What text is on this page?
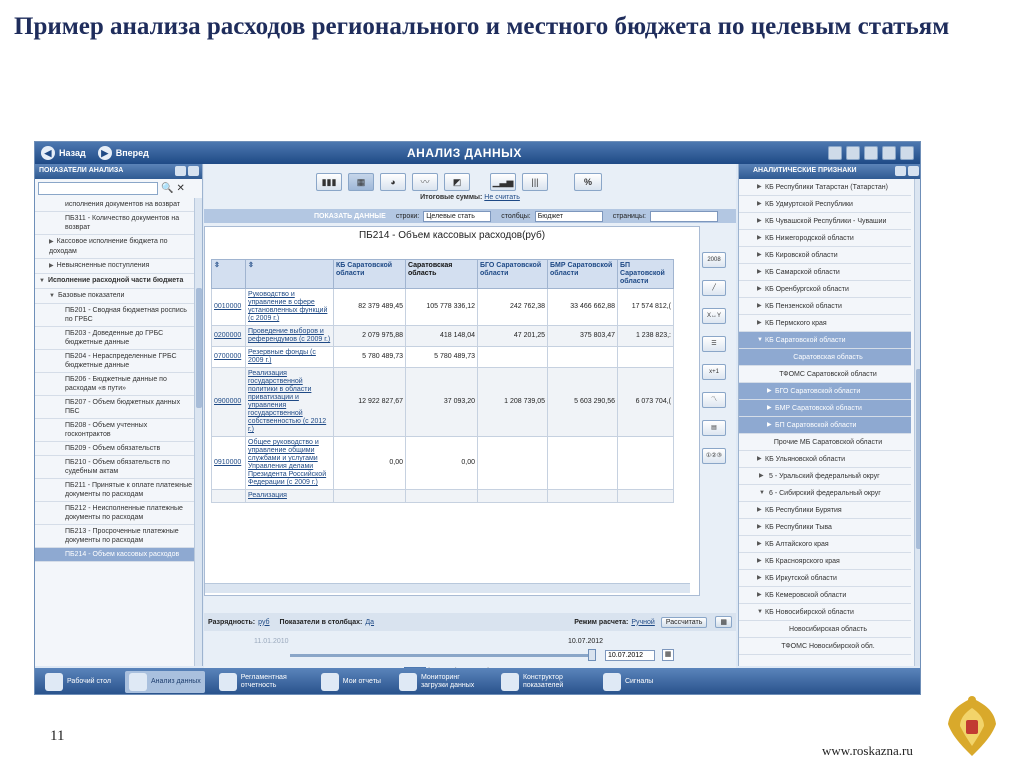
Пример анализа расходов регионального и местного бюджета по целевым статьям
◀ Назад	▶ Вперед	АНАЛИЗ ДАННЫХ
ПОКАЗАТЕЛИ АНАЛИЗА
🔍 ✕
исполнения документов на возврат
ПБ311 - Количество документов на возврат
▶ Кассовое исполнение бюджета по доходам
▶ Невыясненные поступления
▼ Исполнение расходной части бюджета
▼ Базовые показатели
ПБ201 - Сводная бюджетная роспись по ГРБС
ПБ203 - Доведенные до ГРБС бюджетные данные
ПБ204 - Нераспределенные ГРБС бюджетные данные
ПБ206 - Бюджетные данные по расходам «в пути»
ПБ207 - Объем бюджетных данных ПБС
ПБ208 - Объем учтенных госконтрактов
ПБ209 - Объем обязательств
ПБ210 - Объем обязательств по судебным актам
ПБ211 - Принятые к оплате платежные документы по расходам
ПБ212 - Неисполненные платежные документы по расходам
ПБ213 - Просроченные платежные документы по расходам
ПБ214 - Объем кассовых расходов
▮▮▮	▦	◕	〰	◩	▁▃▅	|||	%
Итоговые суммы: Не считать
ПОКАЗАТЬ ДАННЫЕ строки:	Целевые стать	столбцы:	Бюджет	страницы:
ПБ214 - Объем кассовых расходов(руб)
⇳	⇳	КБ Саратовской области	Саратовская область	БГО Саратовской области	БМР Саратовской области	БП Саратовской области
0010000	Руководство и управление в сфере установленных функций (с 2009 г.)	82 379 489,45	105 778 336,12	242 762,38	33 466 662,88	17 574 812,(
0200000	Проведение выборов и референдумов (с 2009 г.)	2 079 975,88	418 148,04	47 201,25	375 803,47	1 238 823,:
0700000	Резервные фонды (с 2009 г.)	5 780 489,73	5 780 489,73			
0900000	Реализация государственной политики в области приватизации и управления государственной собственностью (с 2012 г.)	12 922 827,67	37 093,20	1 208 739,05	5 603 290,56	6 073 704,(
0910000	Общее руководство и управление общими службами и услугами Управления делами Президента Российской Федерации (с 2009 г.)	0,00	0,00			
	Реализация					
2008
╱
X↔Y
☰
x+1
〽
▤
①②③
Разрядность: руб Показатели в столбцах: Да	Режим расчета: Ручной	Рассчитать	▦
11.01.2010	10.07.2012
10.07.2012
▦
АНАЛИТИЧЕСКИЕ ПРИЗНАКИ
▶ КБ Республики Татарстан (Татарстан)
▶ КБ Удмуртской Республики
▶ КБ Чувашской Республики - Чувашии
▶ КБ Нижегородской области
▶ КБ Кировской области
▶ КБ Самарской области
▶ КБ Оренбургской области
▶ КБ Пензенской области
▶ КБ Пермского края
▼ КБ Саратовской области
Саратовская область
ТФОМС Саратовской области
▶ БГО Саратовской области
▶ БМР Саратовской области
▶ БП Саратовской области
Прочие МБ Саратовской области
▶ КБ Ульяновской области
▶ 5 - Уральский федеральный округ
▼ 6 - Сибирский федеральный округ
▶ КБ Республики Бурятия
▶ КБ Республики Тыва
▶ КБ Алтайского края
▶ КБ Красноярского края
▶ КБ Иркутской области
▶ КБ Кемеровской области
▼ КБ Новосибирской области
Новосибирская область
ТФОМС Новосибирской обл.
Рабочий стол	Анализ данных
Регламентная отчетность
Мои отчеты
Мониторинг загрузки данных
Конструктор показателей
Сигналы
11
www.roskazna.ru
